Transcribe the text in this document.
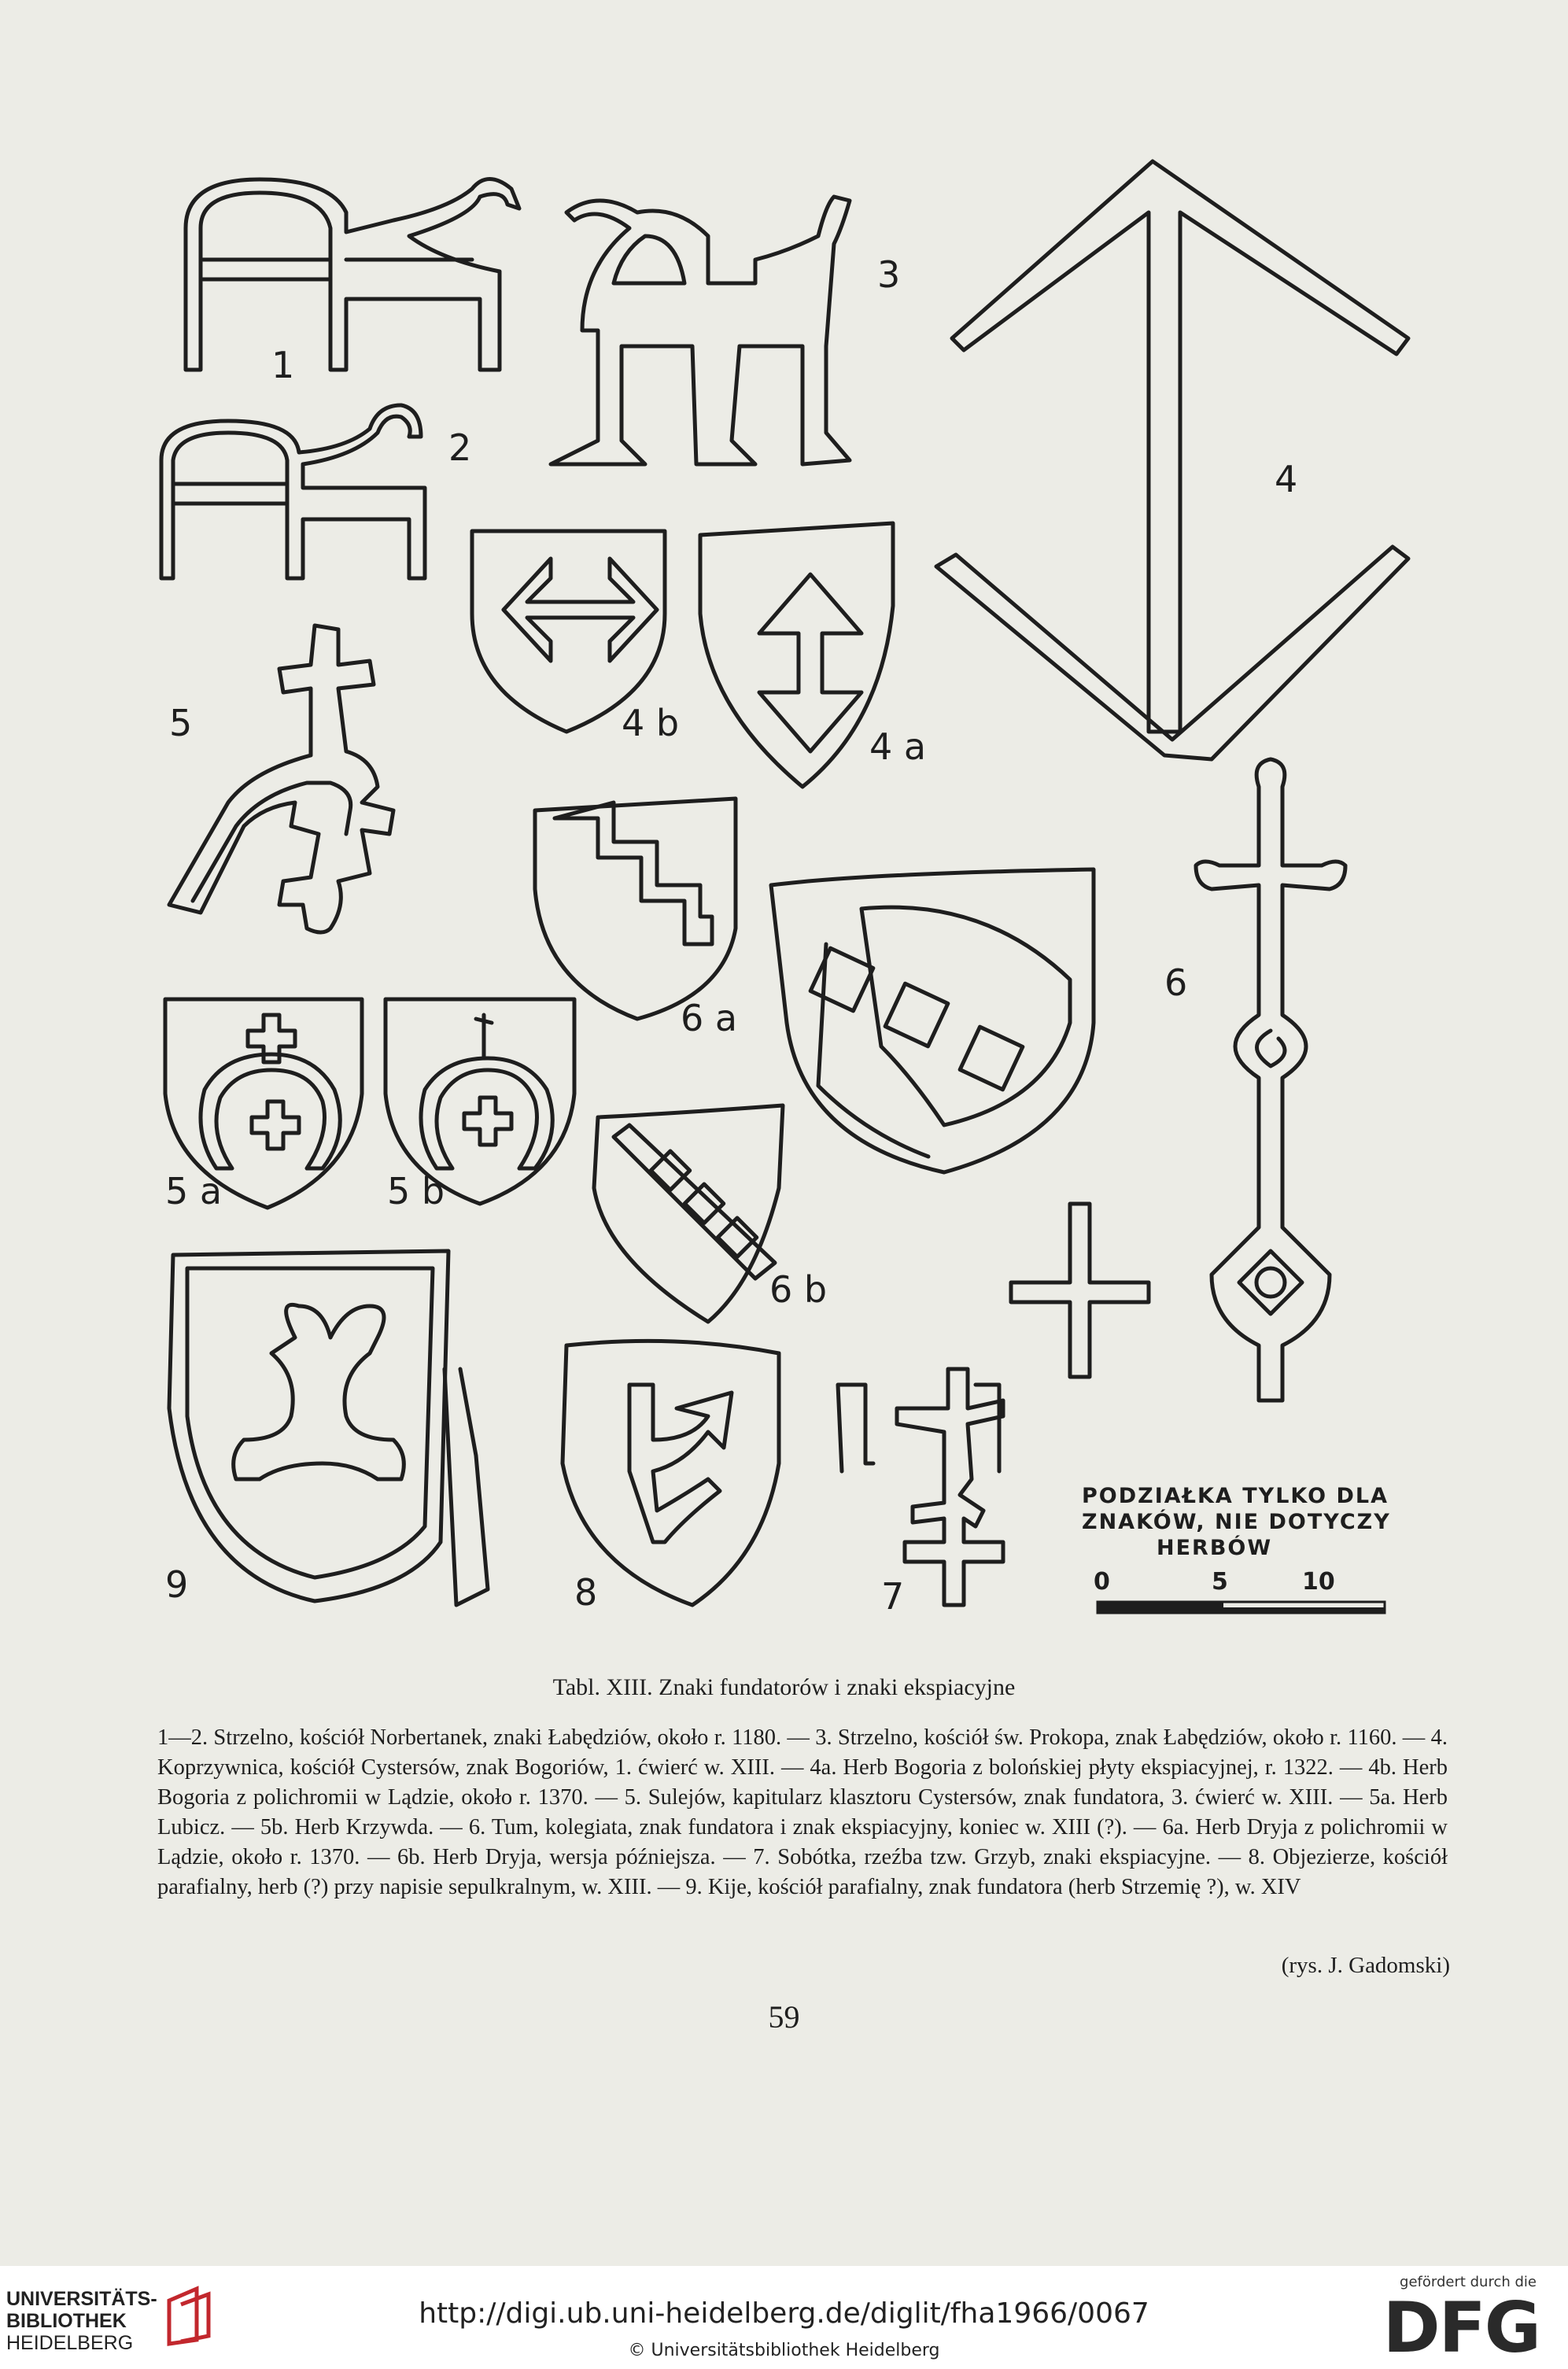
1
2
3
4
4 b
4 a
5
5 a	5 b
6
6 a
6 b
7
8
9
PODZIAŁKA TYLKO DLA
ZNAKÓW, NIE DOTYCZY
HERBÓW
0	5	10
Tabl. XIII. Znaki fundatorów i znaki ekspiacyjne
1—2. Strzelno, kościół Norbertanek, znaki Łabędziów, około r. 1180. — 3. Strzelno, kościół św. Prokopa, znak Łabędziów, około r. 1160. — 4. Koprzywnica, kościół Cystersów, znak Bogoriów, 1. ćwierć w. XIII. — 4a. Herb Bogoria z bolońskiej płyty ekspiacyjnej, r. 1322. — 4b. Herb Bogoria z polichromii w Lądzie, około r. 1370. — 5. Sulejów, kapitularz klasztoru Cystersów, znak fundatora, 3. ćwierć w. XIII. — 5a. Herb Lubicz. — 5b. Herb Krzywda. — 6. Tum, kolegiata, znak fundatora i znak ekspiacyjny, koniec w. XIII (?). — 6a. Herb Dryja z polichromii w Lądzie, około r. 1370. — 6b. Herb Dryja, wersja późniejsza. — 7. Sobótka, rzeźba tzw. Grzyb, znaki ekspiacyjne. — 8. Objezierze, kościół parafialny, herb (?) przy napisie sepulkralnym, w. XIII. — 9. Kije, kościół parafialny, znak fundatora (herb Strzemię ?), w. XIV
(rys. J. Gadomski)
59
UNIVERSITÄTS-
BIBLIOTHEK
HEIDELBERG
http://digi.ub.uni-heidelberg.de/diglit/fha1966/0067
© Universitätsbibliothek Heidelberg
gefördert durch die
DFG
